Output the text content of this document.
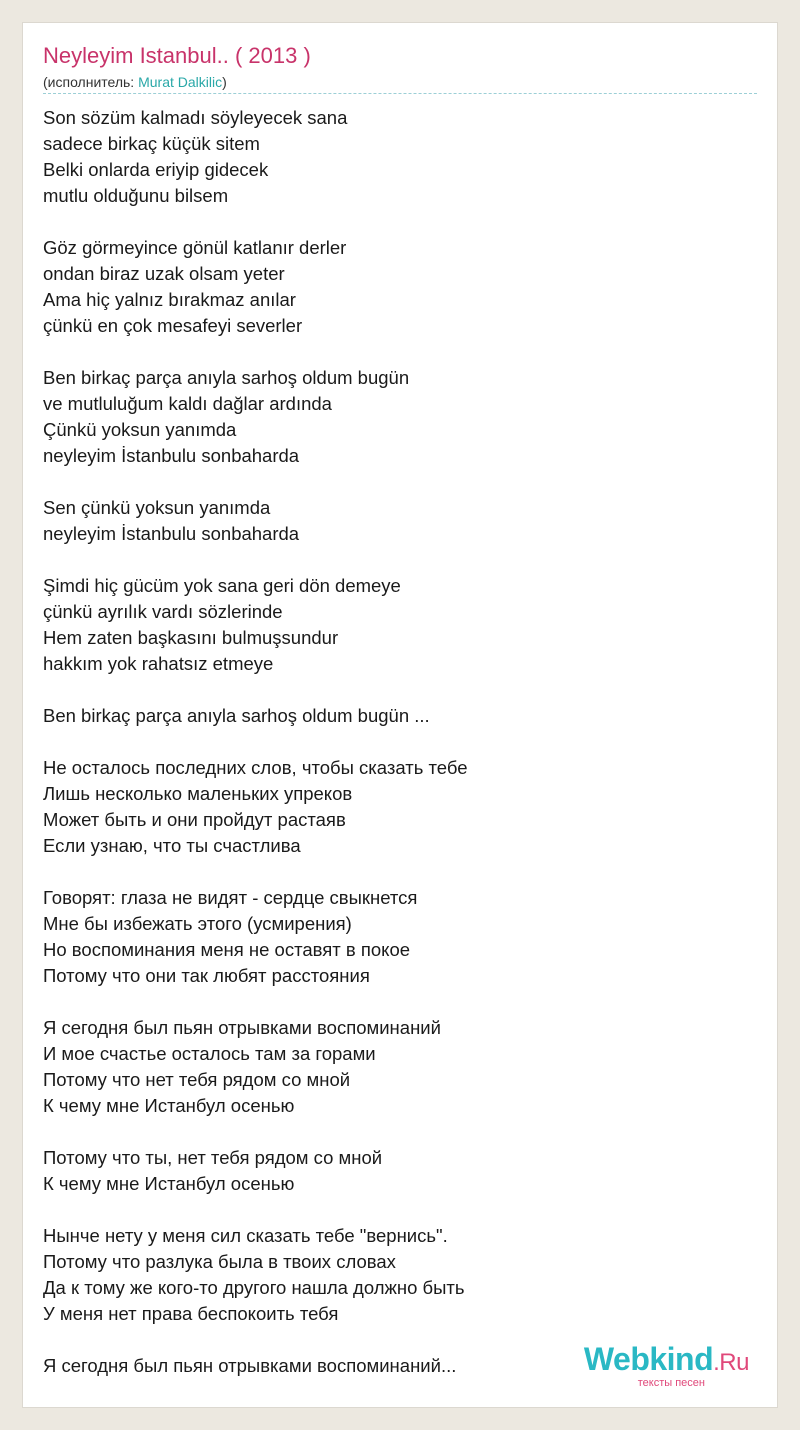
Neyleyim Istanbul.. ( 2013 )
(исполнитель: Murat Dalkilic)
Son sözüm kalmadı söyleyecek sana
sadece birkaç küçük sitem
Belki onlarda eriyip gidecek
mutlu olduğunu bilsem
Göz görmeyince gönül katlanır derler
ondan biraz uzak olsam yeter
Ama hiç yalnız bırakmaz anılar
çünkü en çok mesafeyi severler
Ben birkaç parça anıyla sarhoş oldum bugün
ve mutluluğum kaldı dağlar ardında
Çünkü yoksun yanımda
neyleyim İstanbulu sonbaharda
Sen çünkü yoksun yanımda
neyleyim İstanbulu sonbaharda
Şimdi hiç gücüm yok sana geri dön demeye
çünkü ayrılık vardı sözlerinde
Hem zaten başkasını bulmuşsundur
hakkım yok rahatsız etmeye
Ben birkaç parça anıyla sarhoş oldum bugün ...
Не осталось последних слов, чтобы сказать тебе
Лишь несколько маленьких упреков
Может быть и они пройдут растаяв
Если узнаю, что ты счастлива
Говорят: глаза не видят - сердце свыкнется
Мне бы избежать этого (усмирения)
Но воспоминания меня не оставят в покое
Потому что они так любят расстояния
Я сегодня был пьян отрывками воспоминаний
И мое счастье осталось там за горами
Потому что нет тебя рядом со мной
К чему мне Истанбул осенью
Потому что ты, нет тебя рядом со мной
К чему мне Истанбул осенью
Нынче нету у меня сил сказать тебе "вернись".
Потому что разлука была в твоих словах
Да к тому же кого-то другого нашла должно быть
У меня нет права беспокоить тебя
Я сегодня был пьян отрывками воспоминаний...	Webkind.Ru
тексты песен
